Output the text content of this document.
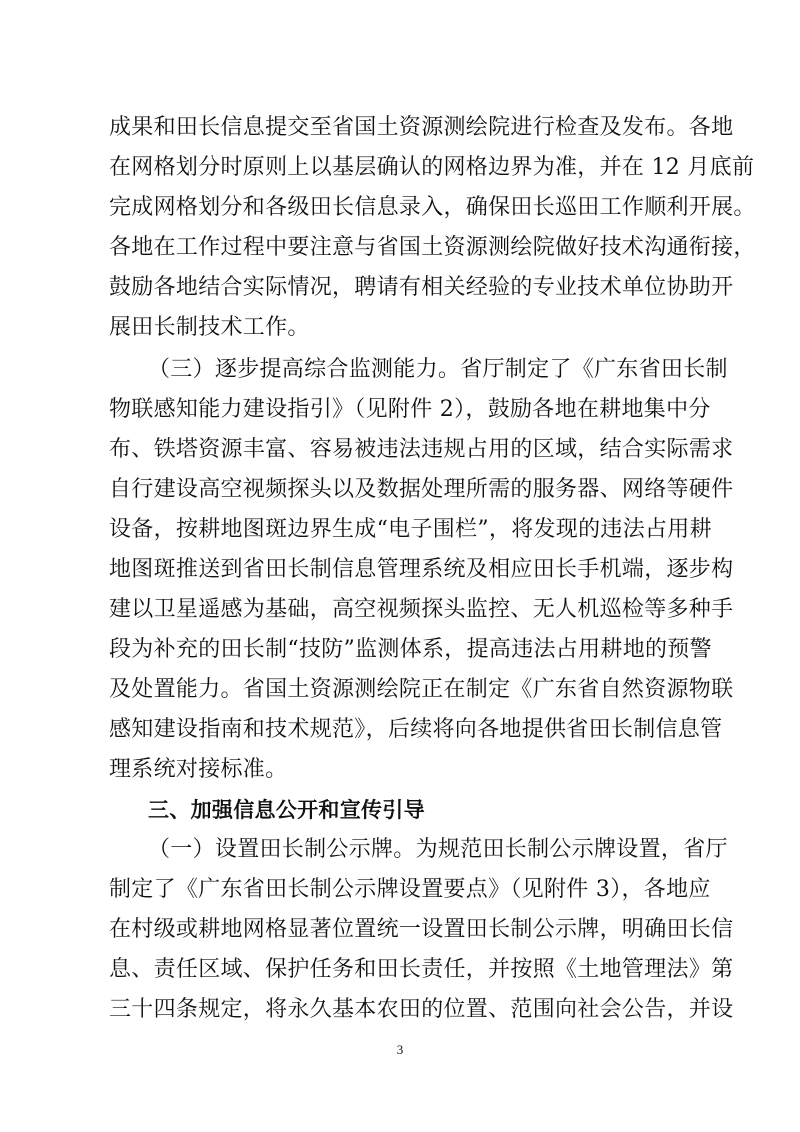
成果和田长信息提交至省国土资源测绘院进行检查及发布。各地
在网格划分时原则上以基层确认的网格边界为准，并在 12 月底前
完成网格划分和各级田长信息录入，确保田长巡田工作顺利开展。
各地在工作过程中要注意与省国土资源测绘院做好技术沟通衔接，
鼓励各地结合实际情况，聘请有相关经验的专业技术单位协助开
展田长制技术工作。
（三）逐步提高综合监测能力。省厅制定了《广东省田长制
物联感知能力建设指引》（见附件 2），鼓励各地在耕地集中分
布、铁塔资源丰富、容易被违法违规占用的区域，结合实际需求
自行建设高空视频探头以及数据处理所需的服务器、网络等硬件
设备，按耕地图斑边界生成“电子围栏”，将发现的违法占用耕
地图斑推送到省田长制信息管理系统及相应田长手机端，逐步构
建以卫星遥感为基础，高空视频探头监控、无人机巡检等多种手
段为补充的田长制“技防”监测体系，提高违法占用耕地的预警
及处置能力。省国土资源测绘院正在制定《广东省自然资源物联
感知建设指南和技术规范》，后续将向各地提供省田长制信息管
理系统对接标准。
三、加强信息公开和宣传引导
（一）设置田长制公示牌。为规范田长制公示牌设置，省厅
制定了《广东省田长制公示牌设置要点》（见附件 3），各地应
在村级或耕地网格显著位置统一设置田长制公示牌，明确田长信
息、责任区域、保护任务和田长责任，并按照《土地管理法》第
三十四条规定，将永久基本农田的位置、范围向社会公告，并设
3
